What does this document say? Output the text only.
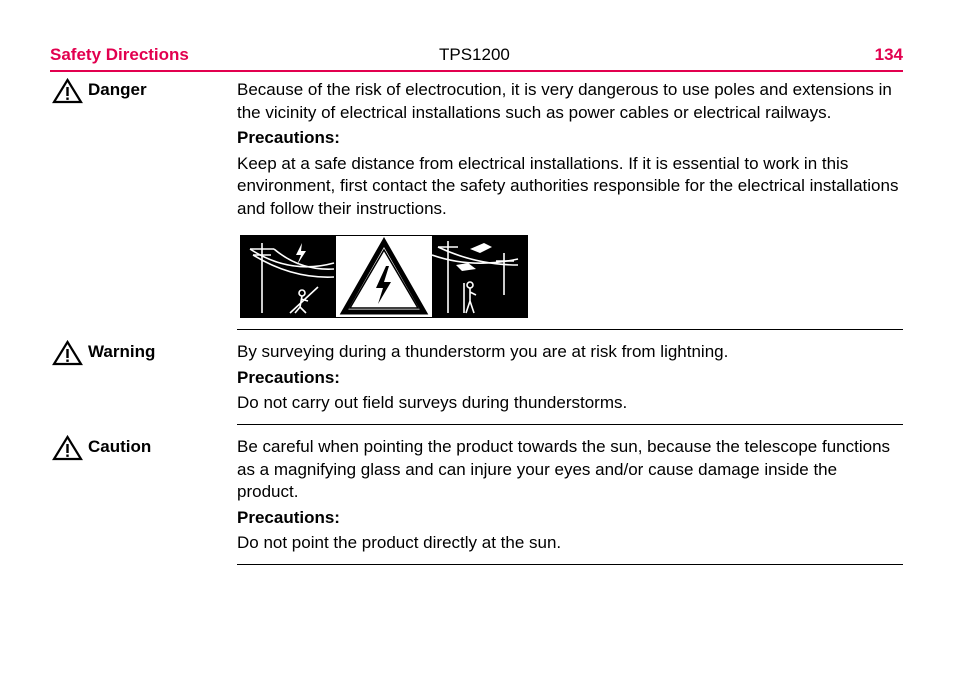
Safety Directions	TPS1200	134
Danger	Because of the risk of electrocution, it is very dangerous to use poles and extensions in the vicinity of electrical installations such as power cables or electrical railways.

Precautions:

Keep at a safe distance from electrical installations. If it is essential to work in this environment, first contact the safety authorities responsible for the electrical installations and follow their instructions.

Warning	By surveying during a thunderstorm you are at risk from lightning.

Precautions:

Do not carry out field surveys during thunderstorms.

Caution	Be careful when pointing the product towards the sun, because the telescope functions as a magnifying glass and can injure your eyes and/or cause damage inside the product.

Precautions:

Do not point the product directly at the sun.
